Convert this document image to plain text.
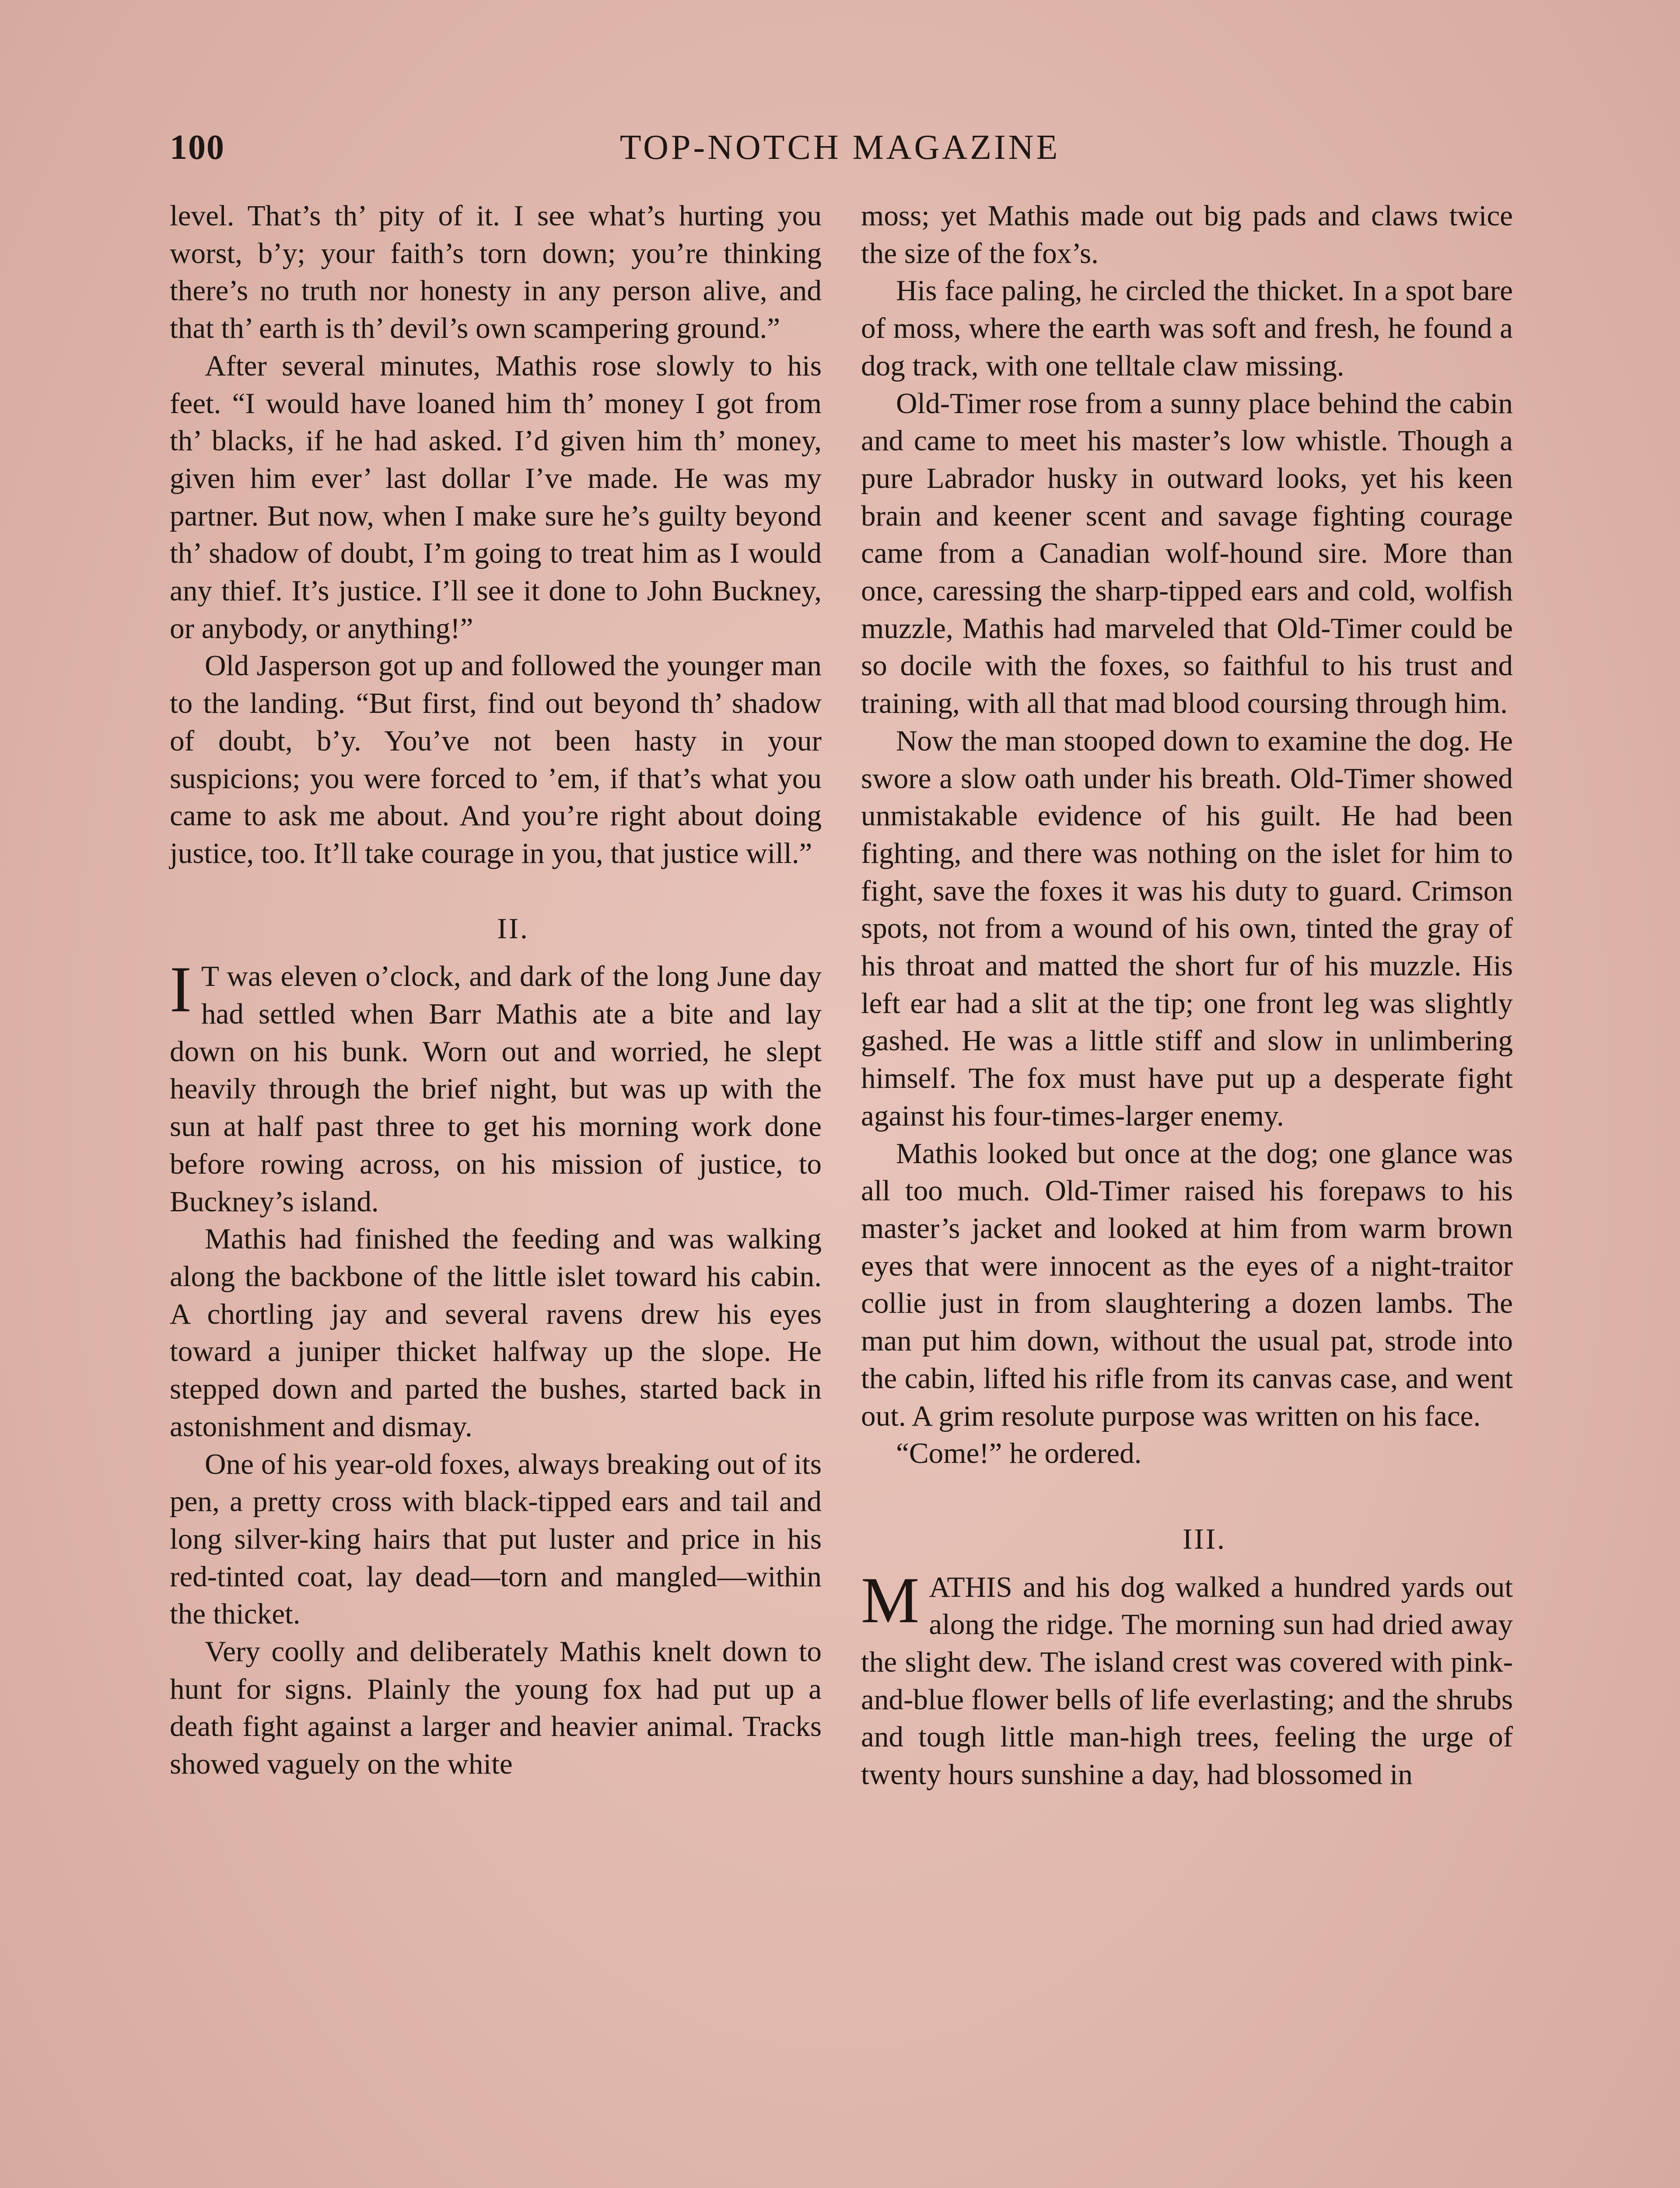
100	TOP-NOTCH MAGAZINE

level. That’s th’ pity of it. I see what’s hurting you worst, b’y; your faith’s torn down; you’re thinking there’s no truth nor honesty in any person alive, and that th’ earth is th’ devil’s own scampering ground.”

After several minutes, Mathis rose slowly to his feet. “I would have loaned him th’ money I got from th’ blacks, if he had asked. I’d given him th’ money, given him ever’ last dollar I’ve made. He was my partner. But now, when I make sure he’s guilty beyond th’ shadow of doubt, I’m going to treat him as I would any thief. It’s justice. I’ll see it done to John Buckney, or anybody, or anything!”

Old Jasperson got up and followed the younger man to the landing. “But first, find out beyond th’ shadow of doubt, b’y. You’ve not been hasty in your suspicions; you were forced to ’em, if that’s what you came to ask me about. And you’re right about doing justice, too. It’ll take courage in you, that justice will.”

II.

I T was eleven o’clock, and dark of the long June day had settled when Barr Mathis ate a bite and lay down on his bunk. Worn out and worried, he slept heavily through the brief night, but was up with the sun at half past three to get his morning work done before rowing across, on his mission of justice, to Buckney’s island.

Mathis had finished the feeding and was walking along the backbone of the little islet toward his cabin. A chortling jay and several ravens drew his eyes toward a juniper thicket halfway up the slope. He stepped down and parted the bushes, started back in astonishment and dismay.

One of his year-old foxes, always breaking out of its pen, a pretty cross with black-tipped ears and tail and long silver-king hairs that put luster and price in his red-tinted coat, lay dead—torn and mangled—within the thicket.

Very coolly and deliberately Mathis knelt down to hunt for signs. Plainly the young fox had put up a death fight against a larger and heavier animal. Tracks showed vaguely on the white

moss; yet Mathis made out big pads and claws twice the size of the fox’s.

His face paling, he circled the thicket. In a spot bare of moss, where the earth was soft and fresh, he found a dog track, with one telltale claw missing.

Old-Timer rose from a sunny place behind the cabin and came to meet his master’s low whistle. Though a pure Labrador husky in outward looks, yet his keen brain and keener scent and savage fighting courage came from a Canadian wolf-hound sire. More than once, caressing the sharp-tipped ears and cold, wolfish muzzle, Mathis had marveled that Old-Timer could be so docile with the foxes, so faithful to his trust and training, with all that mad blood coursing through him.

Now the man stooped down to examine the dog. He swore a slow oath under his breath. Old-Timer showed unmistakable evidence of his guilt. He had been fighting, and there was nothing on the islet for him to fight, save the foxes it was his duty to guard. Crimson spots, not from a wound of his own, tinted the gray of his throat and matted the short fur of his muzzle. His left ear had a slit at the tip; one front leg was slightly gashed. He was a little stiff and slow in unlimbering himself. The fox must have put up a desperate fight against his four-times-larger enemy.

Mathis looked but once at the dog; one glance was all too much. Old-Timer raised his forepaws to his master’s jacket and looked at him from warm brown eyes that were innocent as the eyes of a night-traitor collie just in from slaughtering a dozen lambs. The man put him down, without the usual pat, strode into the cabin, lifted his rifle from its canvas case, and went out. A grim resolute purpose was written on his face.

“Come!” he ordered.

III.

MATHIS and his dog walked a hundred yards out along the ridge. The morning sun had dried away the slight dew. The island crest was covered with pink-and-blue flower bells of life everlasting; and the shrubs and tough little man-high trees, feeling the urge of twenty hours sunshine a day, had blossomed in
